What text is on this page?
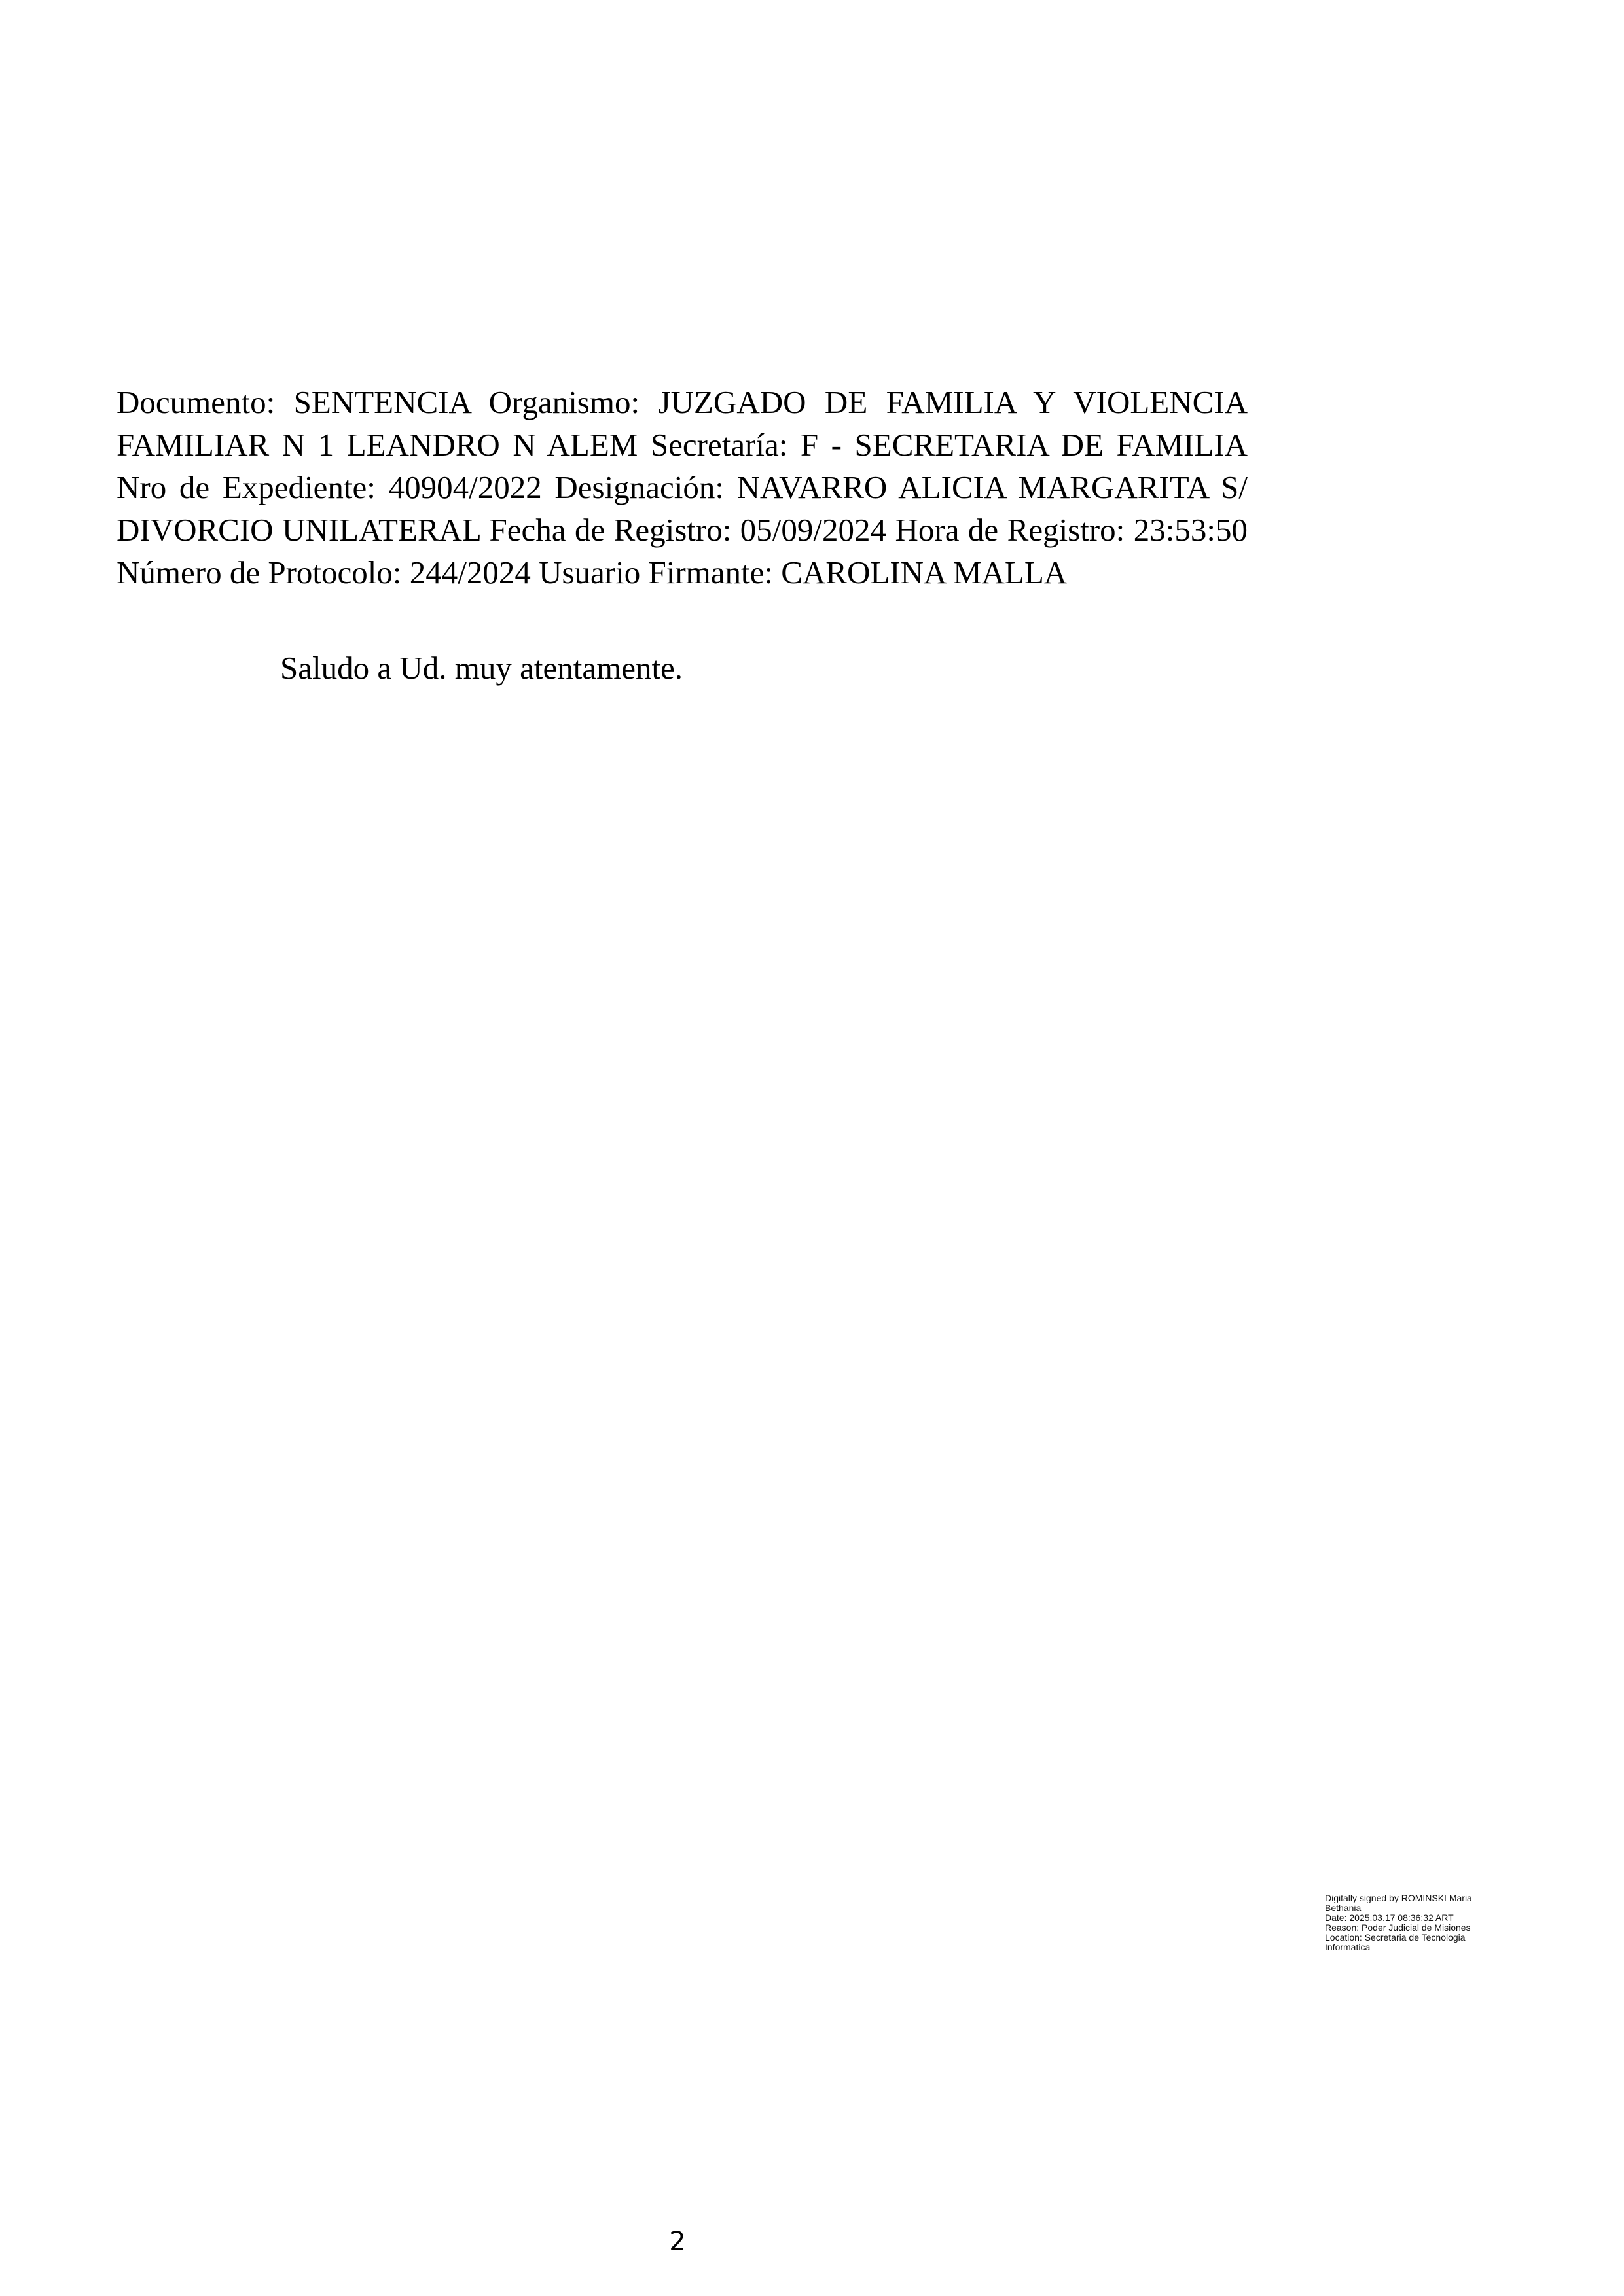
Documento: SENTENCIA Organismo: JUZGADO DE FAMILIA Y VIOLENCIA FAMILIAR N 1 LEANDRO N ALEM Secretaría: F - SECRETARIA DE FAMILIA Nro de Expediente: 40904/2022 Designación: NAVARRO ALICIA MARGARITA S/ DIVORCIO UNILATERAL Fecha de Registro: 05/09/2024 Hora de Registro: 23:53:50 Número de Protocolo: 244/2024 Usuario Firmante: CAROLINA MALLA

Saludo a Ud. muy atentamente.

Digitally signed by ROMINSKI Maria
Bethania
Date: 2025.03.17 08:36:32 ART
Reason: Poder Judicial de Misiones
Location: Secretaria de Tecnologia
Informatica
2
